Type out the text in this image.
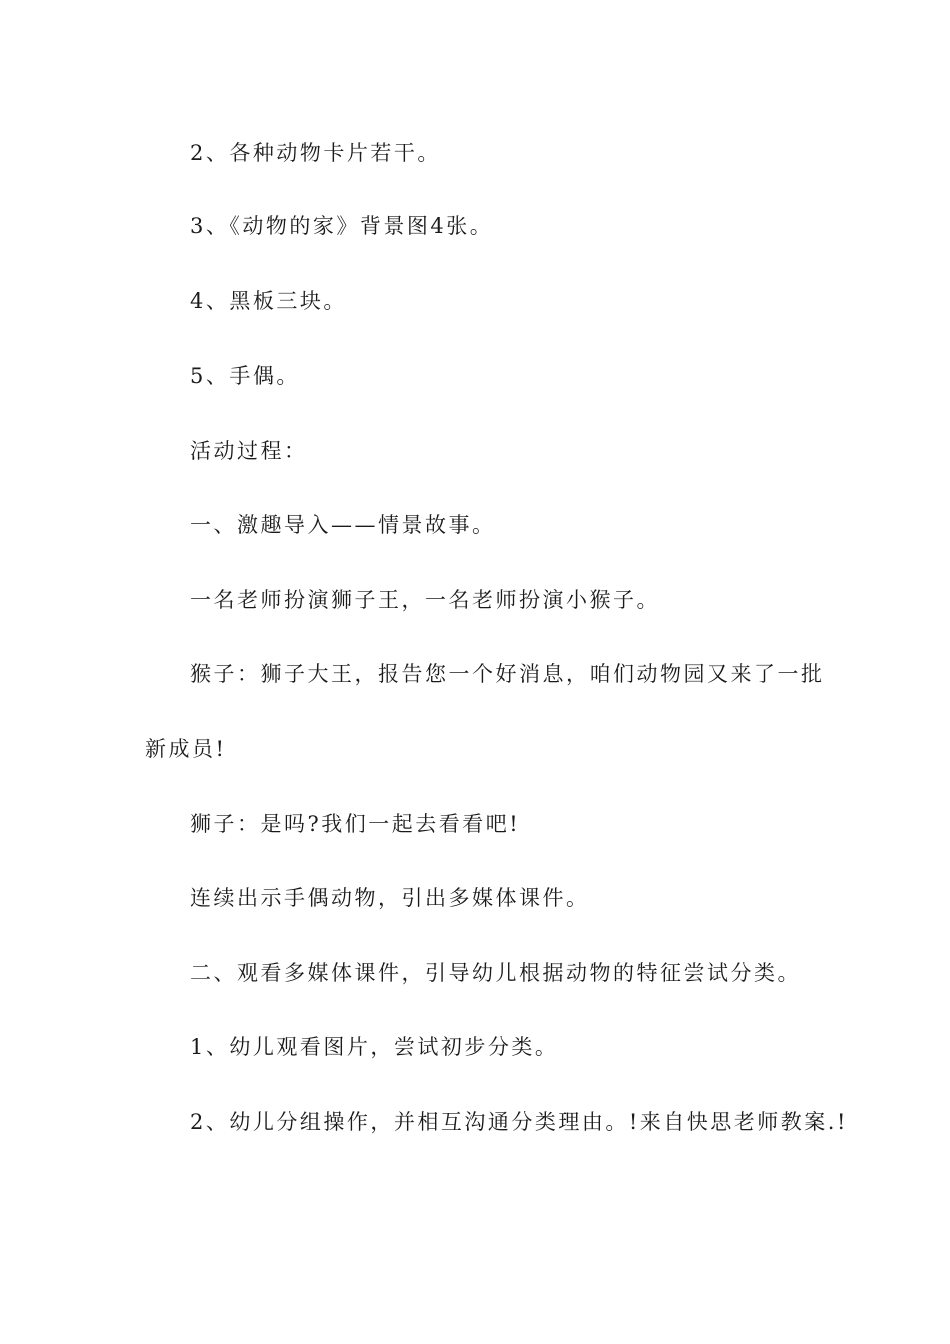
2、各种动物卡片若干。
3、《动物的家》背景图4张。
4、黑板三块。
5、手偶。
活动过程：
一、激趣导入——情景故事。
一名老师扮演狮子王，一名老师扮演小猴子。
猴子：狮子大王，报告您一个好消息，咱们动物园又来了一批
新成员!
狮子：是吗?我们一起去看看吧!
连续出示手偶动物，引出多媒体课件。
二、观看多媒体课件，引导幼儿根据动物的特征尝试分类。
1、幼儿观看图片，尝试初步分类。
2、幼儿分组操作，并相互沟通分类理由。!来自快思老师教案.!
